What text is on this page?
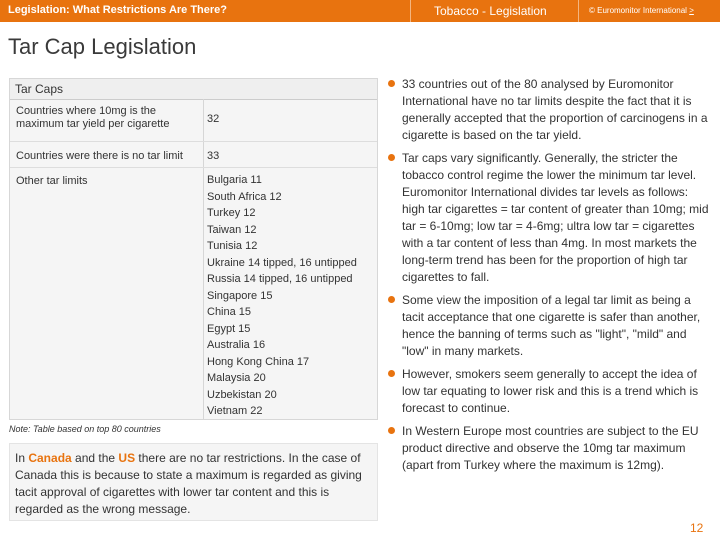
Legislation: What Restrictions Are There?	Tobacco - Legislation	© Euromonitor International >
Tar Cap Legislation
Tar Caps
Countries where 10mg is the maximum tar yield per cigarette	32
Countries were there is no tar limit	33
Other tar limits	Bulgaria 11
South Africa 12
Turkey 12
Taiwan 12
Tunisia 12
Ukraine 14 tipped, 16 untipped
Russia 14 tipped, 16 untipped
Singapore 15
China 15
Egypt 15
Australia 16
Hong Kong China 17
Malaysia 20
Uzbekistan 20
Vietnam 22
Note: Table based on top 80 countries
In Canada and the US there are no tar restrictions. In the case of Canada this is because to state a maximum is regarded as giving tacit approval of cigarettes with lower tar content and this is regarded as the wrong message.
33 countries out of the 80 analysed by Euromonitor International have no tar limits despite the fact that it is generally accepted that the proportion of carcinogens in a cigarette is based on the tar yield.
Tar caps vary significantly. Generally, the stricter the tobacco control regime the lower the minimum tar level. Euromonitor International divides tar levels as follows: high tar cigarettes = tar content of greater than 10mg; mid tar = 6-10mg; low tar = 4-6mg; ultra low tar = cigarettes with a tar content of less than 4mg. In most markets the long-term trend has been for the proportion of high tar cigarettes to fall.
Some view the imposition of a legal tar limit as being a tacit acceptance that one cigarette is safer than another, hence the banning of terms such as "light", "mild" and "low" in many markets.
However, smokers seem generally to accept the idea of low tar equating to lower risk and this is a trend which is forecast to continue.
In Western Europe most countries are subject to the EU product directive and observe the 10mg tar maximum (apart from Turkey where the maximum is 12mg).
12
